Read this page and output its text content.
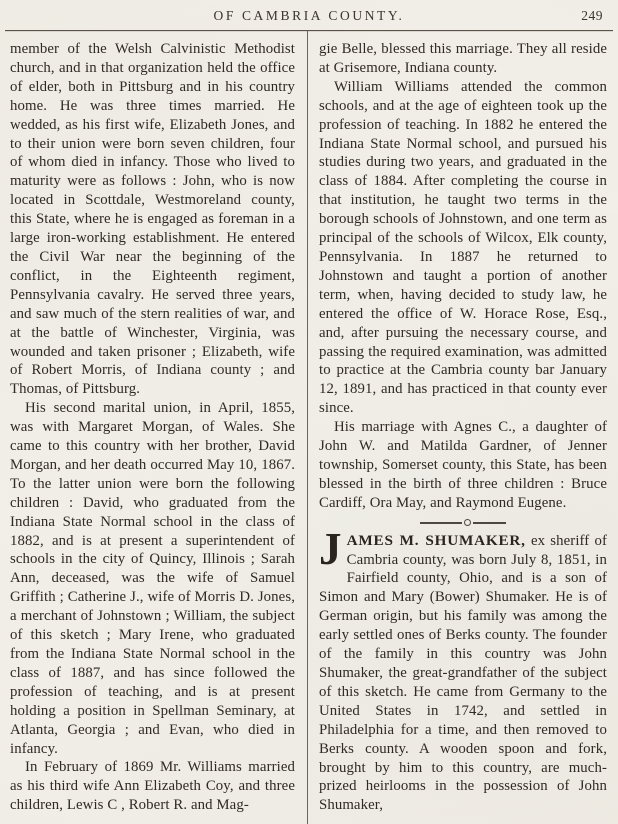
OF CAMBRIA COUNTY.	249

member of the Welsh Calvinistic Methodist church, and in that organization held the office of elder, both in Pittsburg and in his country home. He was three times married. He wedded, as his first wife, Elizabeth Jones, and to their union were born seven children, four of whom died in infancy. Those who lived to maturity were as follows : John, who is now located in Scottdale, Westmoreland county, this State, where he is engaged as foreman in a large iron-working establishment. He entered the Civil War near the beginning of the conflict, in the Eighteenth regiment, Pennsylvania cavalry. He served three years, and saw much of the stern realities of war, and at the battle of Winchester, Virginia, was wounded and taken prisoner ; Elizabeth, wife of Robert Morris, of Indiana county ; and Thomas, of Pittsburg.

His second marital union, in April, 1855, was with Margaret Morgan, of Wales. She came to this country with her brother, David Morgan, and her death occurred May 10, 1867. To the latter union were born the following children : David, who graduated from the Indiana State Normal school in the class of 1882, and is at present a superintendent of schools in the city of Quincy, Illinois ; Sarah Ann, deceased, was the wife of Samuel Griffith ; Catherine J., wife of Morris D. Jones, a merchant of Johnstown ; William, the subject of this sketch ; Mary Irene, who graduated from the Indiana State Normal school in the class of 1887, and has since followed the profession of teaching, and is at present holding a position in Spellman Seminary, at Atlanta, Georgia ; and Evan, who died in infancy.

In February of 1869 Mr. Williams married as his third wife Ann Elizabeth Coy, and three children, Lewis C , Robert R. and Mag-

gie Belle, blessed this marriage. They all reside at Grisemore, Indiana county.

William Williams attended the common schools, and at the age of eighteen took up the profession of teaching. In 1882 he entered the Indiana State Normal school, and pursued his studies during two years, and graduated in the class of 1884. After completing the course in that institution, he taught two terms in the borough schools of Johnstown, and one term as principal of the schools of Wilcox, Elk county, Pennsylvania. In 1887 he returned to Johnstown and taught a portion of another term, when, having decided to study law, he entered the office of W. Horace Rose, Esq., and, after pursuing the necessary course, and passing the required examination, was admitted to practice at the Cambria county bar January 12, 1891, and has practiced in that county ever since.

His marriage with Agnes C., a daughter of John W. and Matilda Gardner, of Jenner township, Somerset county, this State, has been blessed in the birth of three children : Bruce Cardiff, Ora May, and Raymond Eugene.

J AMES M. SHUMAKER, ex sheriff of Cambria county, was born July 8, 1851, in Fairfield county, Ohio, and is a son of Simon and Mary (Bower) Shumaker. He is of German origin, but his family was among the early settled ones of Berks county. The founder of the family in this country was John Shumaker, the great-grandfather of the subject of this sketch. He came from Germany to the United States in 1742, and settled in Philadelphia for a time, and then removed to Berks county. A wooden spoon and fork, brought by him to this country, are much-prized heirlooms in the possession of John Shumaker,
